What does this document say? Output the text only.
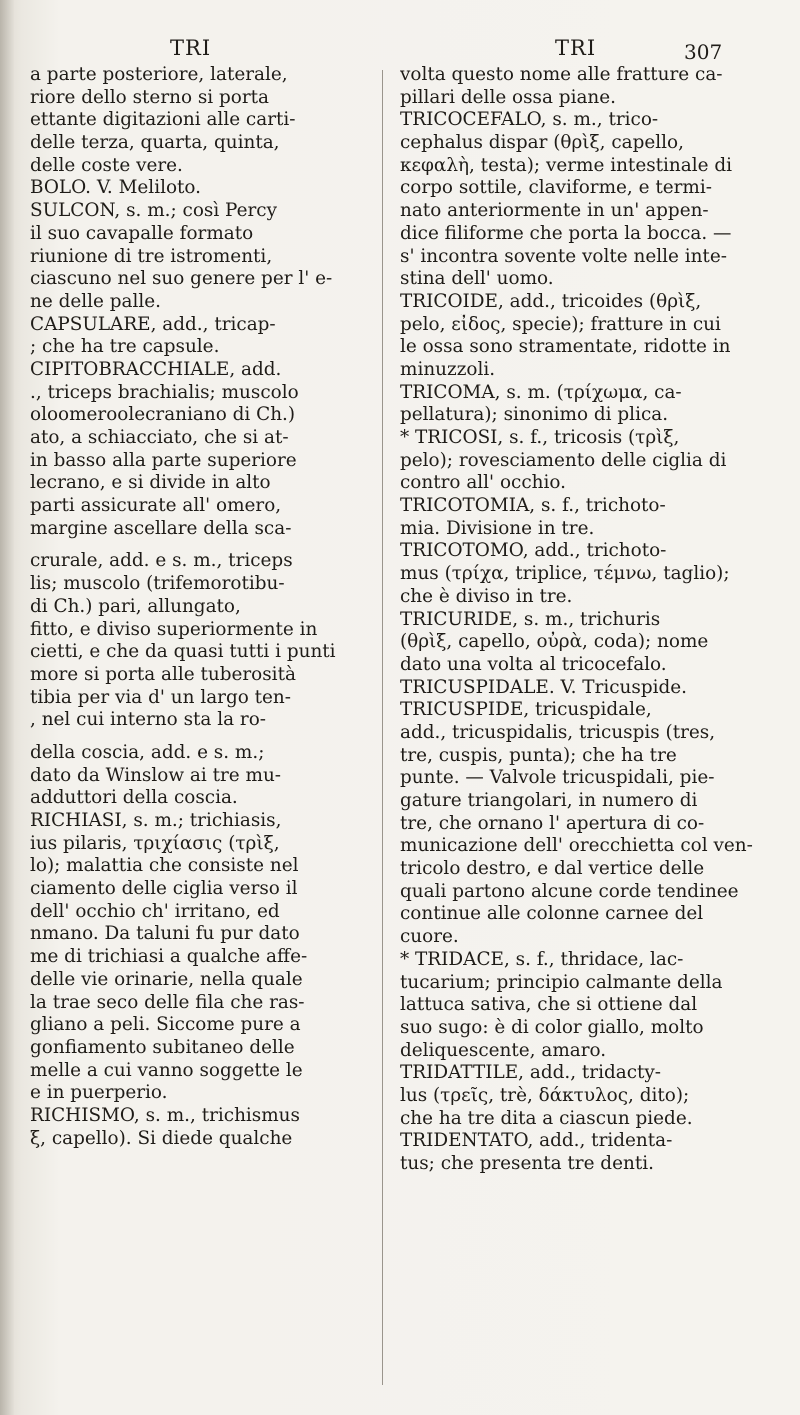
TRI	TRI	307
a parte posteriore, laterale,
riore dello sterno si porta
ettante digitazioni alle carti-
delle terza, quarta, quinta,
delle coste vere.
BOLO. V. Meliloto.
SULCON, s. m.; così Percy
il suo cavapalle formato
riunione di tre istromenti,
ciascuno nel suo genere per l' e-
ne delle palle.
CAPSULARE, add., tricap-
; che ha tre capsule.
CIPITOBRACCHIALE, add.
., triceps brachialis; muscolo
oloomeroolecraniano di Ch.)
ato, a schiacciato, che si at-
in basso alla parte superiore
lecrano, e si divide in alto
parti assicurate all' omero,
margine ascellare della sca-
crurale, add. e s. m., triceps
lis; muscolo (trifemorotibu-
di Ch.) pari, allungato,
fitto, e diviso superiormente in
cietti, e che da quasi tutti i punti
more si porta alle tuberosità
tibia per via d' un largo ten-
, nel cui interno sta la ro-
della coscia, add. e s. m.;
dato da Winslow ai tre mu-
adduttori della coscia.
RICHIASI, s. m.; trichiasis,
ius pilaris, τριχίασις (τρὶξ,
lo); malattia che consiste nel
ciamento delle ciglia verso il
dell' occhio ch' irritano, ed
nmano. Da taluni fu pur dato
me di trichiasi a qualche affe-
delle vie orinarie, nella quale
la trae seco delle fila che ras-
gliano a peli. Siccome pure a
gonfiamento subitaneo delle
melle a cui vanno soggette le
e in puerperio.
RICHISMO, s. m., trichismus
ξ, capello). Si diede qualche
volta questo nome alle fratture ca-
pillari delle ossa piane.
TRICOCEFALO, s. m., trico-
cephalus dispar (θρὶξ, capello,
κεφαλὴ, testa); verme intestinale di
corpo sottile, claviforme, e termi-
nato anteriormente in un' appen-
dice filiforme che porta la bocca. —
s' incontra sovente volte nelle inte-
stina dell' uomo.
TRICOIDE, add., tricoides (θρὶξ,
pelo, εἶδος, specie); fratture in cui
le ossa sono stramentate, ridotte in
minuzzoli.
TRICOMA, s. m. (τρίχωμα, ca-
pellatura); sinonimo di plica.
* TRICOSI, s. f., tricosis (τρὶξ,
pelo); rovesciamento delle ciglia di
contro all' occhio.
TRICOTOMIA, s. f., trichoto-
mia. Divisione in tre.
TRICOTOMO, add., trichoto-
mus (τρίχα, triplice, τέμνω, taglio);
che è diviso in tre.
TRICURIDE, s. m., trichuris
(θρὶξ, capello, οὐρὰ, coda); nome
dato una volta al tricocefalo.
TRICUSPIDALE. V. Tricuspide.
TRICUSPIDE, tricuspidale,
add., tricuspidalis, tricuspis (tres,
tre, cuspis, punta); che ha tre
punte. — Valvole tricuspidali, pie-
gature triangolari, in numero di
tre, che ornano l' apertura di co-
municazione dell' orecchietta col ven-
tricolo destro, e dal vertice delle
quali partono alcune corde tendinee
continue alle colonne carnee del
cuore.
* TRIDACE, s. f., thridace, lac-
tucarium; principio calmante della
lattuca sativa, che si ottiene dal
suo sugo: è di color giallo, molto
deliquescente, amaro.
TRIDATTILE, add., tridacty-
lus (τρεῖς, trè, δάκτυλος, dito);
che ha tre dita a ciascun piede.
TRIDENTATO, add., tridenta-
tus; che presenta tre denti.
